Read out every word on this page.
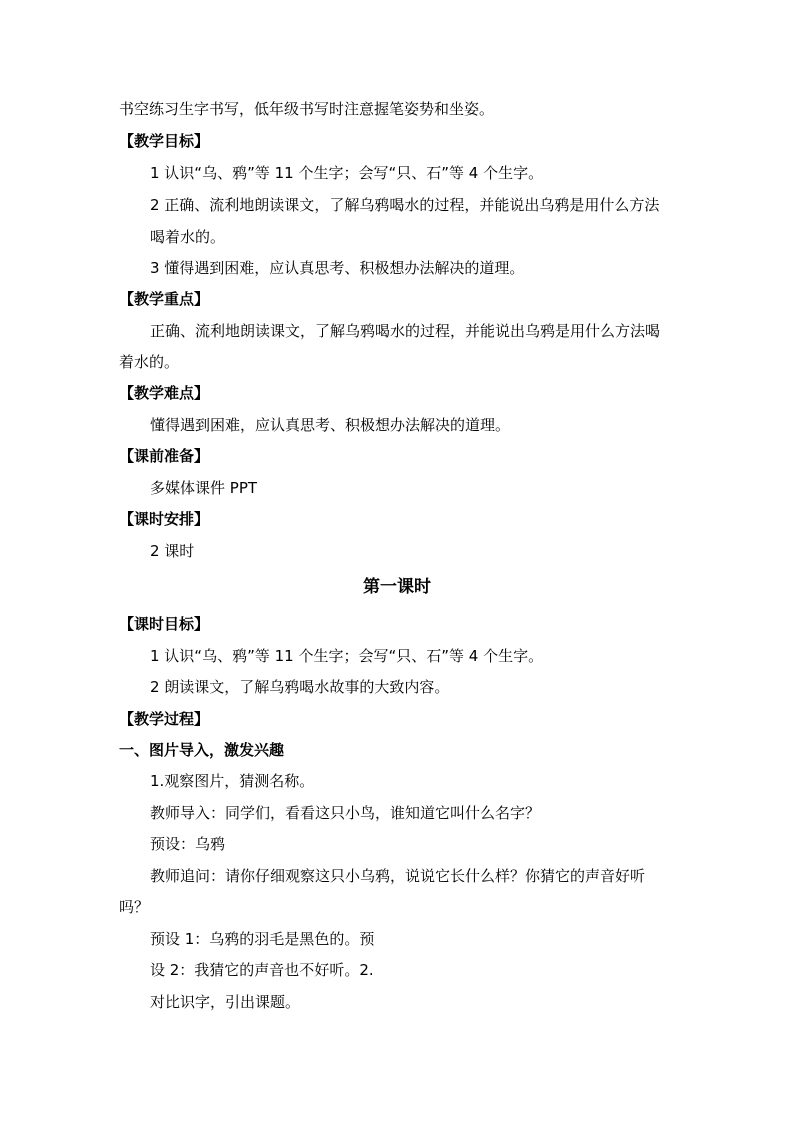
书空练习生字书写，低年级书写时注意握笔姿势和坐姿。
【教学目标】
1 认识“乌、鸦”等 11 个生字；会写“只、石”等 4 个生字。
2 正确、流利地朗读课文，了解乌鸦喝水的过程，并能说出乌鸦是用什么方法
喝着水的。
3 懂得遇到困难，应认真思考、积极想办法解决的道理。
【教学重点】
正确、流利地朗读课文，了解乌鸦喝水的过程，并能说出乌鸦是用什么方法喝
着水的。
【教学难点】
懂得遇到困难，应认真思考、积极想办法解决的道理。
【课前准备】
多媒体课件 PPT
【课时安排】
2 课时
第一课时
【课时目标】
1 认识“乌、鸦”等 11 个生字；会写“只、石”等 4 个生字。
2 朗读课文，了解乌鸦喝水故事的大致内容。
【教学过程】
一、图片导入，激发兴趣
1.观察图片，猜测名称。
教师导入：同学们，看看这只小鸟，谁知道它叫什么名字？
预设：乌鸦
教师追问：请你仔细观察这只小乌鸦，说说它长什么样？你猜它的声音好听
吗？
预设 1：乌鸦的羽毛是黑色的。预
设 2：我猜它的声音也不好听。2.
对比识字，引出课题。
